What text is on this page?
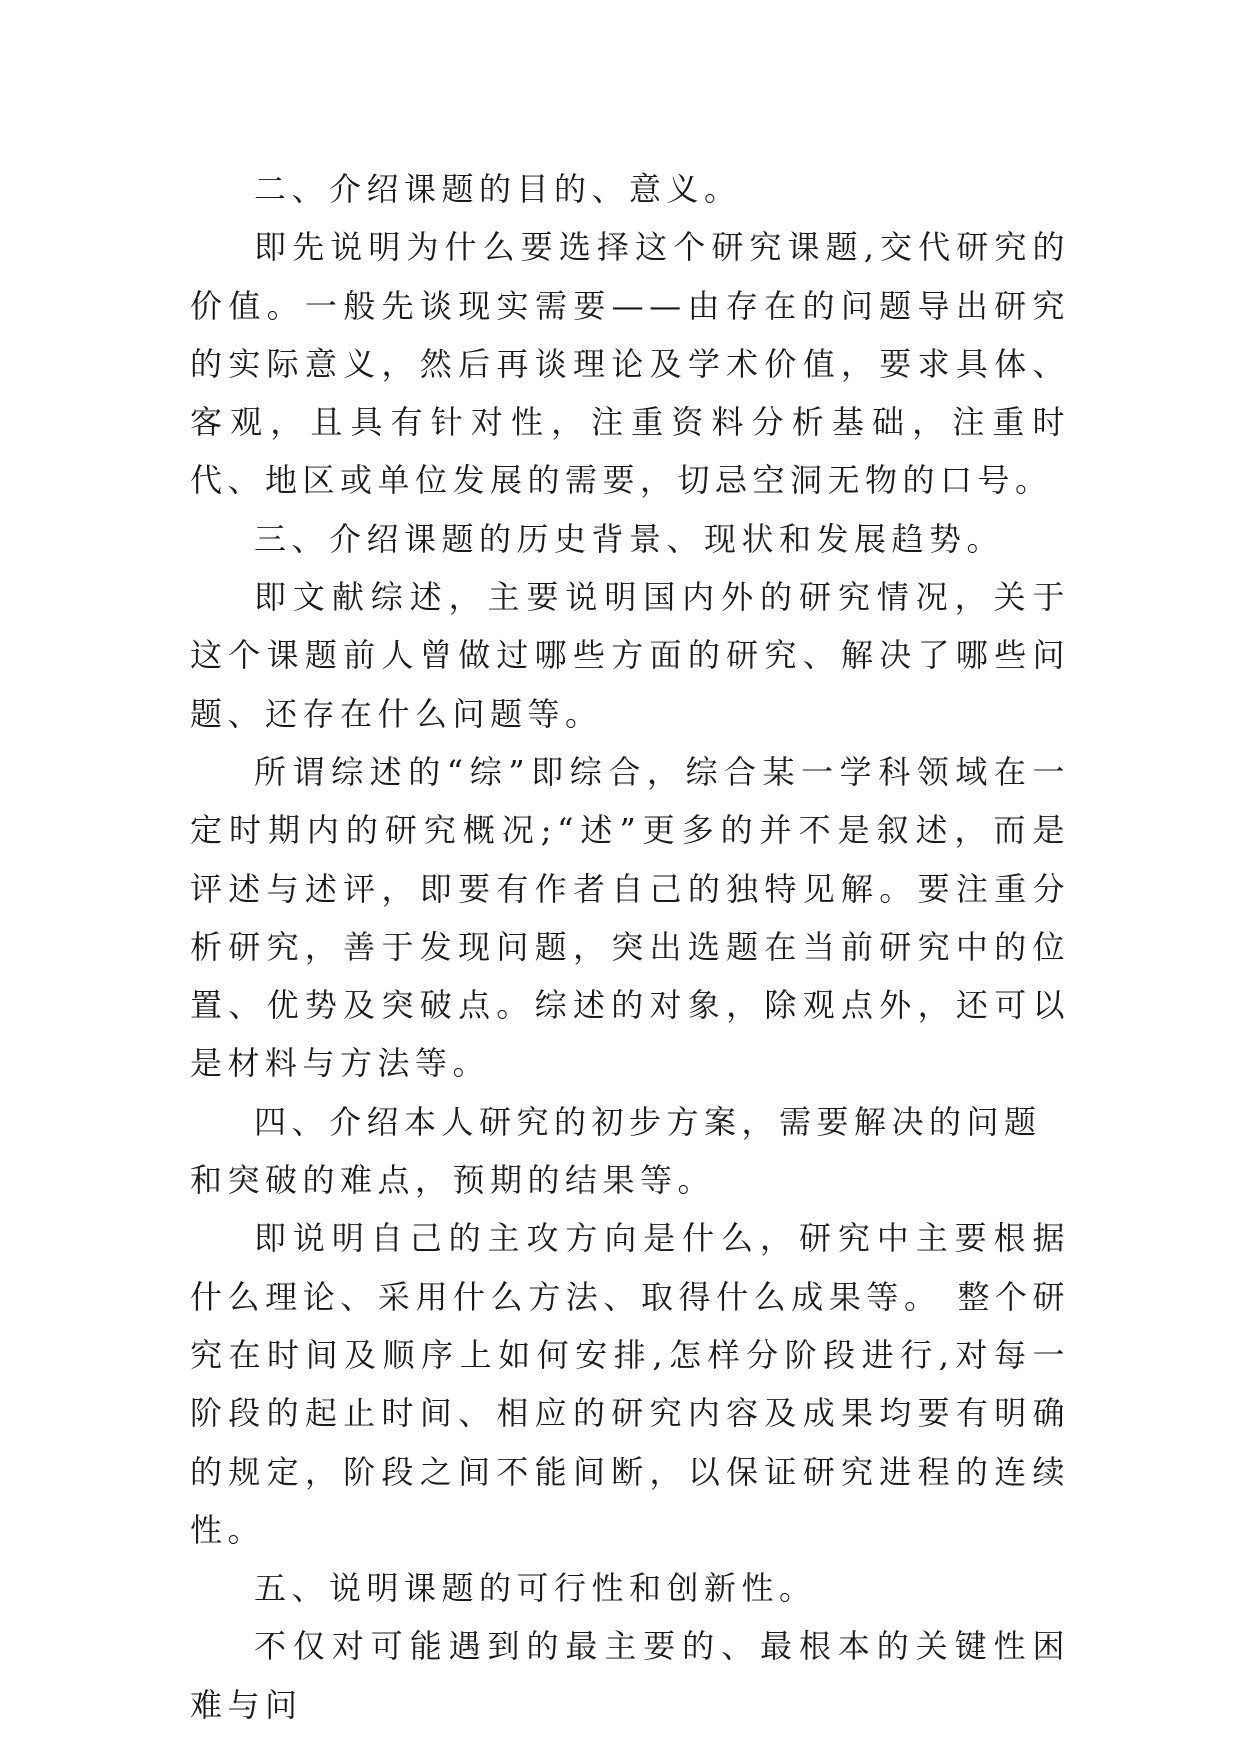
二、介绍课题的目的、意义。

即先说明为什么要选择这个研究课题,交代研究的价值。一般先谈现实需要——由存在的问题导出研究的实际意义，然后再谈理论及学术价值，要求具体、客观，且具有针对性，注重资料分析基础，注重时代、地区或单位发展的需要，切忌空洞无物的口号。

三、介绍课题的历史背景、现状和发展趋势。

即文献综述，主要说明国内外的研究情况，关于这个课题前人曾做过哪些方面的研究、解决了哪些问题、还存在什么问题等。

所谓综述的“综”即综合，综合某一学科领域在一定时期内的研究概况;“述”更多的并不是叙述，而是评述与述评，即要有作者自己的独特见解。要注重分析研究，善于发现问题，突出选题在当前研究中的位置、优势及突破点。综述的对象，除观点外，还可以是材料与方法等。

四、介绍本人研究的初步方案，需要解决的问题和突破的难点，预期的结果等。

即说明自己的主攻方向是什么，研究中主要根据什么理论、采用什么方法、取得什么成果等。 整个研究在时间及顺序上如何安排,怎样分阶段进行,对每一阶段的起止时间、相应的研究内容及成果均要有明确的规定，阶段之间不能间断，以保证研究进程的连续性。

五、说明课题的可行性和创新性。

不仅对可能遇到的最主要的、最根本的关键性困难与问
